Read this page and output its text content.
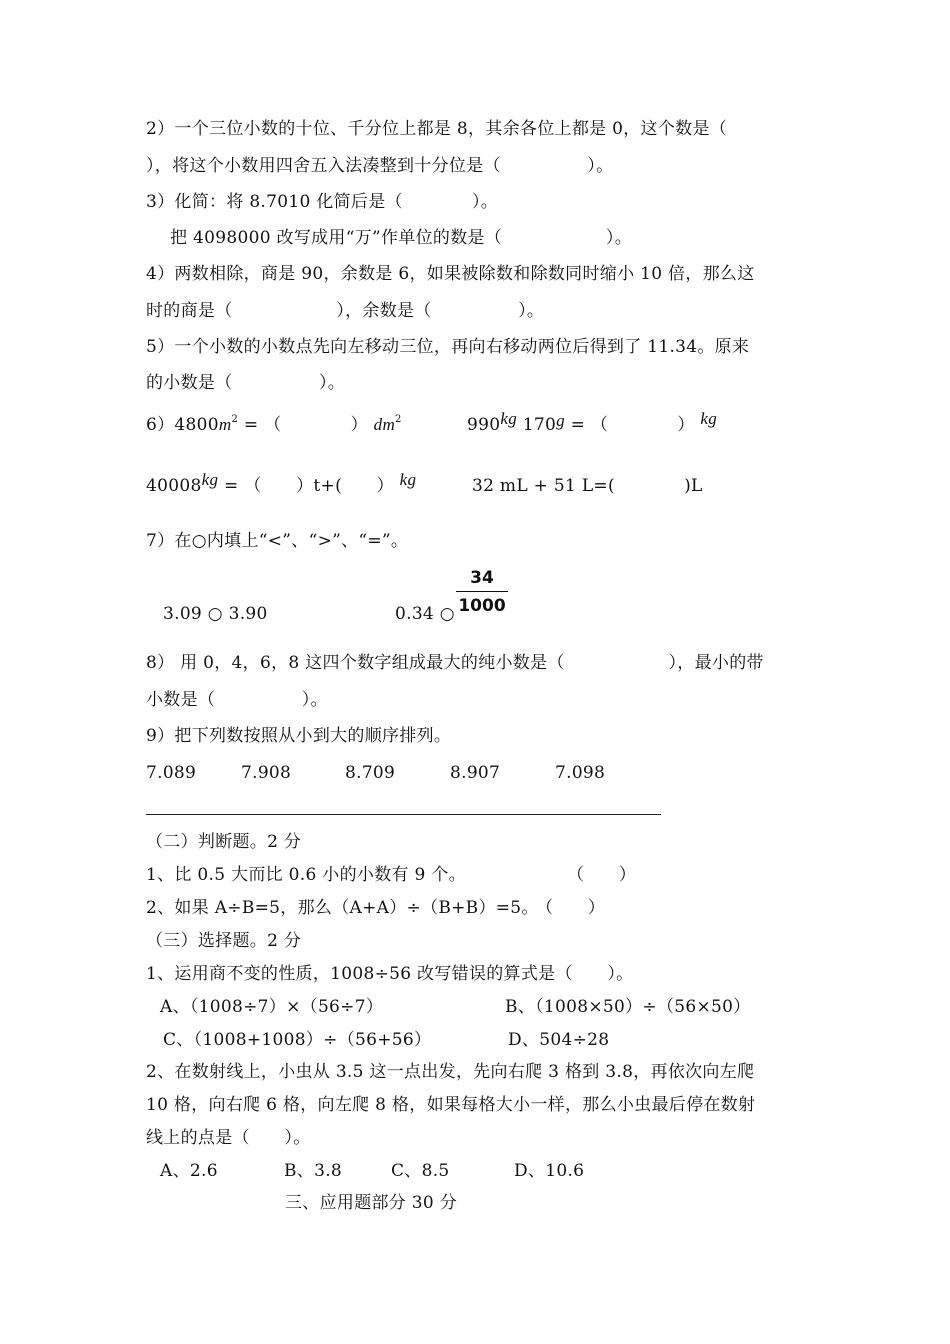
2）一个三位小数的十位、千分位上都是 8，其余各位上都是 0，这个数是（
），将这个小数用四舍五入法凑整到十分位是（　　　　　）。
3）化简：将 8.7010 化简后是（　　　　）。
把 4098000 改写成用“万”作单位的数是（　　　　　　）。
4）两数相除，商是 90，余数是 6，如果被除数和除数同时缩小 10 倍，那么这
时的商是（　　　　　　），余数是（　　　　　）。
5）一个小数的小数点先向左移动三位，再向右移动两位后得到了 11.34。原来
的小数是（　　　　　）。
$6)4800m^2$ = （　　　　） $dm^2$	990kg 170g = （　　　　） kg
40008kg = （　　）t+(　　） kg	32 mL + 51 L=(　　　　)L
7）在○内填上“<”、“>”、“=”。
3.09 ○ 3.90	0.34 ○
34
1000
8） 用 0，4，6，8 这四个数字组成最大的纯小数是（　　　　　　），最小的带
小数是（　　　　　）。
9）把下列数按照从小到大的顺序排列。
7.089	7.908	8.709	8.907	7.098
（二）判断题。2 分
1、比 0.5 大而比 0.6 小的小数有 9 个。	（　　）
2、如果 A÷B=5，那么（A+A）÷（B+B）=5。
（　　）
（三）选择题。2 分
1、运用商不变的性质，1008÷56 改写错误的算式是（　　）。
A、（1008÷7）×（56÷7）	B、（1008×50）÷（56×50）
C、（1008+1008）÷（56+56）	D、504÷28
2、在数射线上，小虫从 3.5 这一点出发，先向右爬 3 格到 3.8，再依次向左爬
10 格，向右爬 6 格，向左爬 8 格，如果每格大小一样，那么小虫最后停在数射
线上的点是（　　）。
A、2.6	B、3.8	C、8.5	D、10.6
三、应用题部分 30 分
